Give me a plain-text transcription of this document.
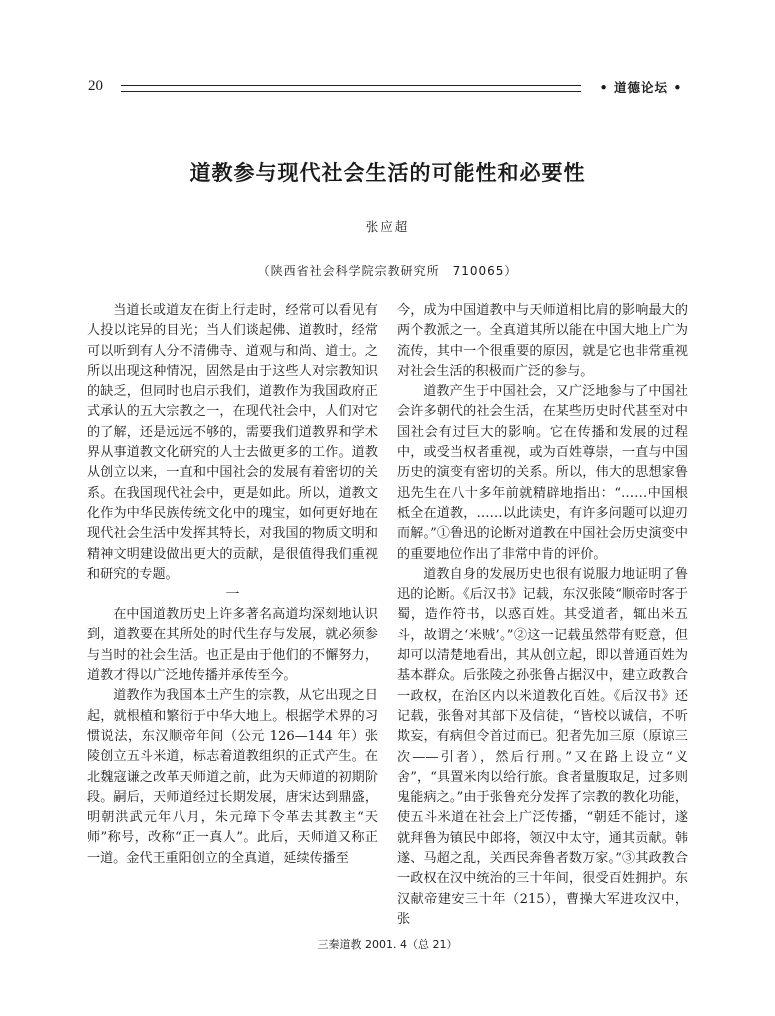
20	• 道德论坛 •
道教参与现代社会生活的可能性和必要性
张应超
（陕西省社会科学院宗教研究所　710065）

当道长或道友在街上行走时，经常可以看见有人投以诧异的目光；当人们谈起佛、道教时，经常可以听到有人分不清佛寺、道观与和尚、道士。之所以出现这种情况，固然是由于这些人对宗教知识的缺乏，但同时也启示我们，道教作为我国政府正式承认的五大宗教之一，在现代社会中，人们对它的了解，还是远远不够的，需要我们道教界和学术界从事道教文化研究的人士去做更多的工作。道教从创立以来，一直和中国社会的发展有着密切的关系。在我国现代社会中，更是如此。所以，道教文化作为中华民族传统文化中的瑰宝，如何更好地在现代社会生活中发挥其特长，对我国的物质文明和精神文明建设做出更大的贡献，是很值得我们重视和研究的专题。

一

在中国道教历史上许多著名高道均深刻地认识到，道教要在其所处的时代生存与发展，就必须参与当时的社会生活。也正是由于他们的不懈努力，道教才得以广泛地传播并承传至今。

道教作为我国本土产生的宗教，从它出现之日起，就根植和繁衍于中华大地上。根据学术界的习惯说法，东汉顺帝年间（公元 126—144 年）张陵创立五斗米道，标志着道教组织的正式产生。在北魏寇谦之改革天师道之前，此为天师道的初期阶段。嗣后，天师道经过长期发展，唐宋达到鼎盛，明朝洪武元年八月，朱元璋下令革去其教主“天师”称号，改称“正一真人”。此后，天师道又称正一道。金代王重阳创立的全真道，延续传播至

今，成为中国道教中与天师道相比肩的影响最大的两个教派之一。全真道其所以能在中国大地上广为流传，其中一个很重要的原因，就是它也非常重视对社会生活的积极而广泛的参与。

道教产生于中国社会，又广泛地参与了中国社会许多朝代的社会生活，在某些历史时代甚至对中国社会有过巨大的影响。它在传播和发展的过程中，或受当权者重视，或为百姓尊崇，一直与中国历史的演变有密切的关系。所以，伟大的思想家鲁迅先生在八十多年前就精辟地指出：“……中国根柢全在道教，……以此读史，有许多问题可以迎刃而解。”①鲁迅的论断对道教在中国社会历史演变中的重要地位作出了非常中肯的评价。

道教自身的发展历史也很有说服力地证明了鲁迅的论断。《后汉书》记载，东汉张陵“顺帝时客于蜀，造作符书，以惑百姓。其受道者，辄出米五斗，故谓之‘米贼’。”②这一记载虽然带有贬意，但却可以清楚地看出，其从创立起，即以普通百姓为基本群众。后张陵之孙张鲁占据汉中，建立政教合一政权，在治区内以米道教化百姓。《后汉书》还记载，张鲁对其部下及信徒，“皆校以诚信，不听欺妄，有病但令首过而已。犯者先加三原（原谅三次——引者），然后行刑。”又在路上设立“义舍”，“具置米肉以给行旅。食者量腹取足，过多则鬼能病之。”由于张鲁充分发挥了宗教的教化功能，使五斗米道在社会上广泛传播，“朝廷不能讨，遂就拜鲁为镇民中郎将，领汉中太守，通其贡献。韩遂、马超之乱，关西民奔鲁者数万家。”③其政教合一政权在汉中统治的三十年间，很受百姓拥护。东汉献帝建安三十年（215），曹操大军进攻汉中，张

三秦道教 2001. 4（总 21）
